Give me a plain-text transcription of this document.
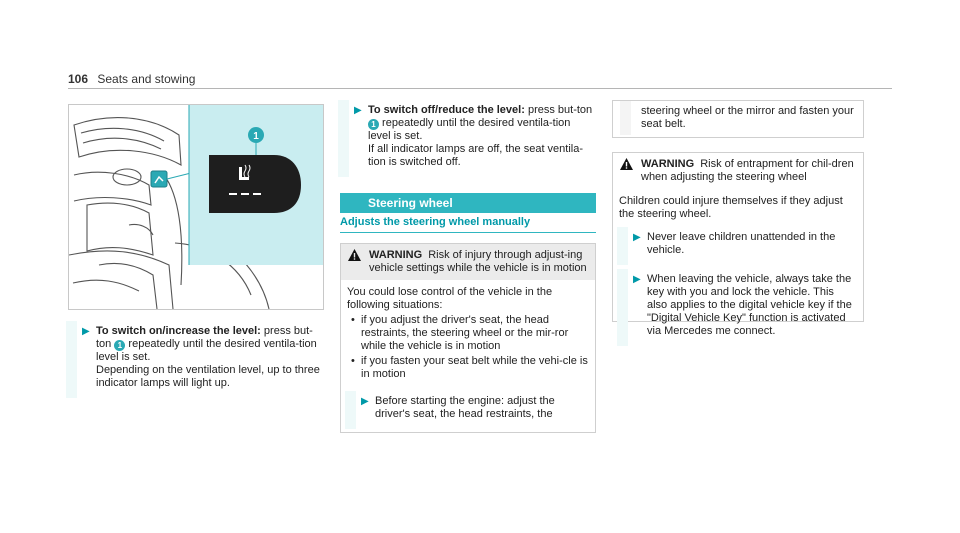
106 Seats and stowing
1
▶ To switch on/increase the level: press but-ton 1 repeatedly until the desired ventila-tion level is set.
Depending on the ventilation level, up to three indicator lamps will light up.
▶ To switch off/reduce the level: press but-ton 1 repeatedly until the desired ventila-tion level is set.
If all indicator lamps are off, the seat ventila-tion is switched off.
Steering wheel
Adjusts the steering wheel manually
WARNING Risk of injury through adjust-ing vehicle settings while the vehicle is in motion
You could lose control of the vehicle in the following situations:
• if you adjust the driver's seat, the head restraints, the steering wheel or the mir-ror while the vehicle is in motion
• if you fasten your seat belt while the vehi-cle is in motion
▶ Before starting the engine: adjust the driver's seat, the head restraints, the
steering wheel or the mirror and fasten your seat belt.
WARNING Risk of entrapment for chil-dren when adjusting the steering wheel
Children could injure themselves if they adjust the steering wheel.
▶ Never leave children unattended in the vehicle.
▶ When leaving the vehicle, always take the key with you and lock the vehicle. This also applies to the digital vehicle key if the "Digital Vehicle Key" function is activated via Mercedes me connect.
